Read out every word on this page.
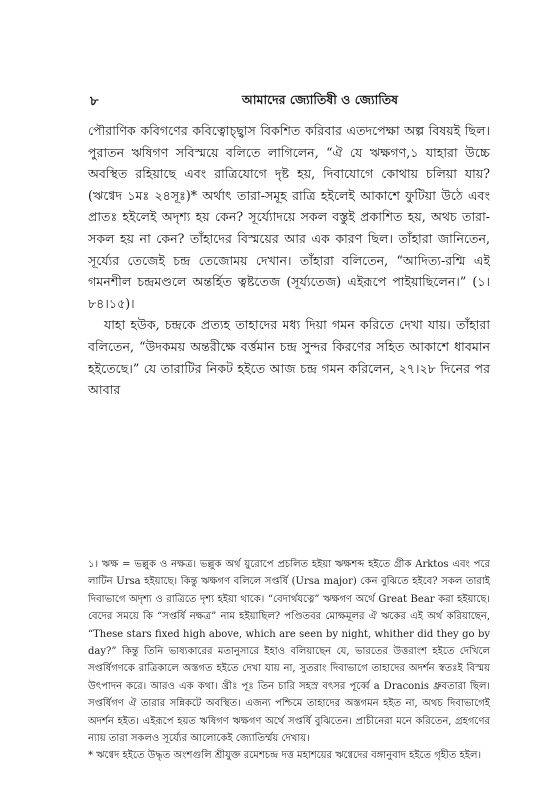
৮	আমাদের জ্যোতিষী ও জ্যোতিষ

পৌরাণিক কবিগণের কবিত্বোচ্ছ্বাস বিকশিত করিবার এতদপেক্ষা অল্প বিষয়ই ছিল। পুরাতন ঋষিগণ সবিস্ময়ে বলিতে লাগিলেন, “ঐ যে ঋক্ষগণ,১ যাহারা উচ্চে অবস্থিত রহিয়াছে এবং রাত্রিযোগে দৃষ্ট হয়, দিবাযোগে কোথায় চলিয়া যায়? (ঋগ্বেদ ১মঃ ২৪সূঃ)* অর্থাৎ তারা-সমূহ রাত্রি হইলেই আকাশে ফুটিয়া উঠে এবং প্রাতঃ হইলেই অদৃশ্য হয় কেন? সূর্য্যোদয়ে সকল বস্তুই প্রকাশিত হয়, অথচ তারা-সকল হয় না কেন? তাঁহাদের বিস্ময়ের আর এক কারণ ছিল। তাঁহারা জানিতেন, সূর্য্যের তেজেই চন্দ্র তেজোময় দেখান। তাঁহারা বলিতেন, “আদিত্য-রশ্মি এই গমনশীল চন্দ্রমণ্ডলে অন্তর্হিত ত্বষ্টতেজ (সূর্য্যতেজ) এইরূপে পাইয়াছিলেন।” (১।৮৪।১৫)।

যাহা হউক, চন্দ্রকে প্রত্যহ তাহাদের মধ্য দিয়া গমন করিতে দেখা যায়। তাঁহারা বলিতেন, “উদকময় অন্তরীক্ষে বর্ত্তমান চন্দ্র সুন্দর কিরণের সহিত আকাশে ধাবমান হইতেছে।” যে তারাটির নিকট হইতে আজ চন্দ্র গমন করিলেন, ২৭।২৮ দিনের পর আবার

১। ঋক্ষ = ভল্লুক ও নক্ষত্র। ভল্লুক অর্থ য়ুরোপে প্রচলিত হইয়া ঋক্ষশব্দ হইতে গ্রীক Arktos এবং পরে লাটিন Ursa হইয়াছে। কিন্তু ঋক্ষগণ বলিলে সপ্তর্ষি (Ursa major) কেন বুঝিতে হইবে? সকল তারাই দিবাভাগে অদৃশ্য ও রাত্রিতে দৃশ্য হইয়া থাকে। “বেদার্থযত্নে” ঋক্ষগণ অর্থে Great Bear করা হইয়াছে। বেদের সময়ে কি “সপ্তর্ষি নক্ষত্র” নাম হইয়াছিল? পণ্ডিতবর মোক্ষমূলর ঐ ঋকের এই অর্থ করিয়াছেন, “These stars fixed high above, which are seen by night, whither did they go by day?” কিন্তু তিনি ভাষ্যকারের মতানুসারে ইহাও বলিয়াছেন যে, ভারতের উত্তরাংশ হইতে দেখিলে সপ্তর্ষিগণকে রাত্রিকালে অস্তগত হইতে দেখা যায় না, সুতরাং দিবাভাগে তাহাদের অদর্শন স্বতঃই বিস্ময় উৎপাদন করে। আরও এক কথা। খ্রীঃ পূঃ তিন চারি সহস্র বৎসর পূর্ব্বে a Draconis ধ্রুবতারা ছিল। সপ্তর্ষিগণ ঐ তারার সন্নিকটে অবস্থিত। এজন্য পশ্চিমে তাহাদের অস্তগমন হইত না, অথচ দিবাভাগেই অদর্শন হইত। এইরূপে হয়ত ঋষিগণ ঋক্ষগণ অর্থে সপ্তর্ষি বুঝিতেন। প্রাচীনেরা মনে করিতেন, গ্রহগণের ন্যায় তারা সকলও সূর্য্যের আলোকেই জ্যোতির্ম্ময় দেখায়।

* ঋগ্বেদ হইতে উদ্ধৃত অংশগুলি শ্রীযুক্ত রমেশচন্দ্র দত্ত মহাশয়ের ঋগ্বেদের বঙ্গানুবাদ হইতে গৃহীত হইল।
